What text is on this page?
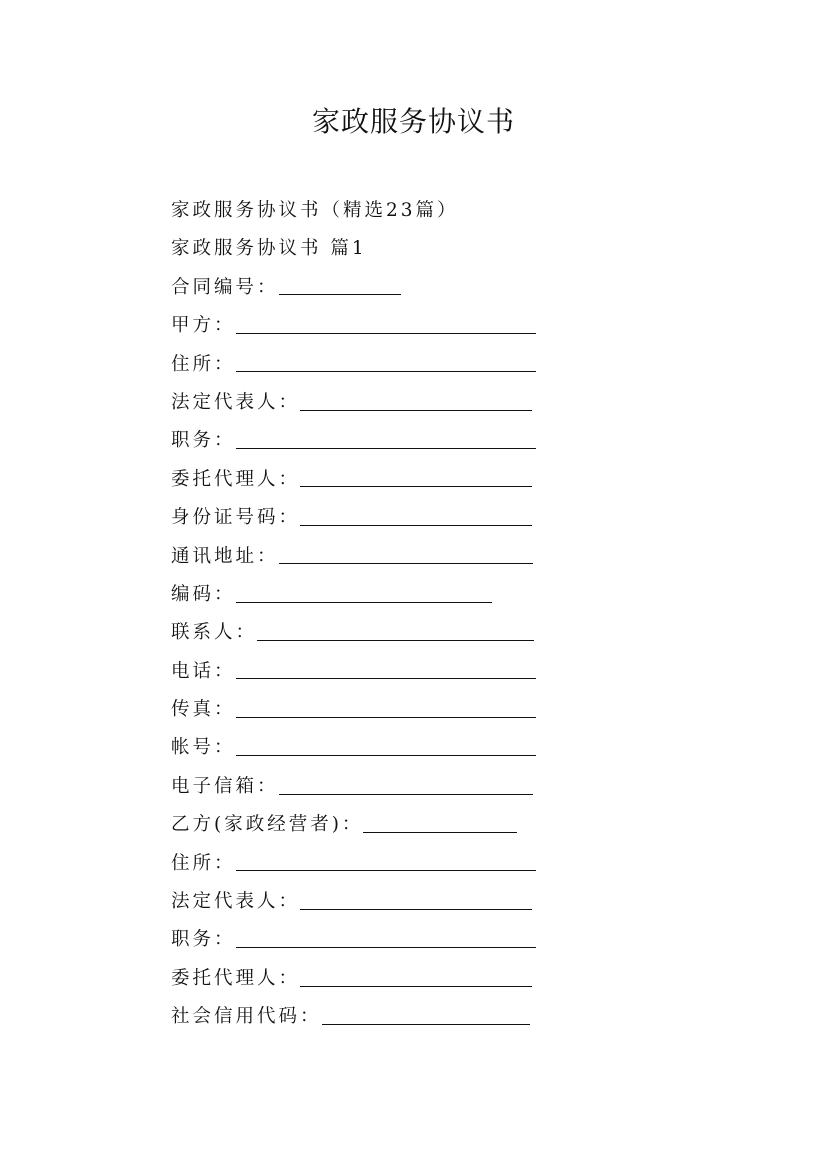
家政服务协议书
家政服务协议书（精选23篇）
家政服务协议书 篇1
合同编号：
甲方：
住所：
法定代表人：
职务：
委托代理人：
身份证号码：
通讯地址：
编码：
联系人：
电话：
传真：
帐号：
电子信箱：
乙方(家政经营者)：
住所：
法定代表人：
职务：
委托代理人：
社会信用代码：
